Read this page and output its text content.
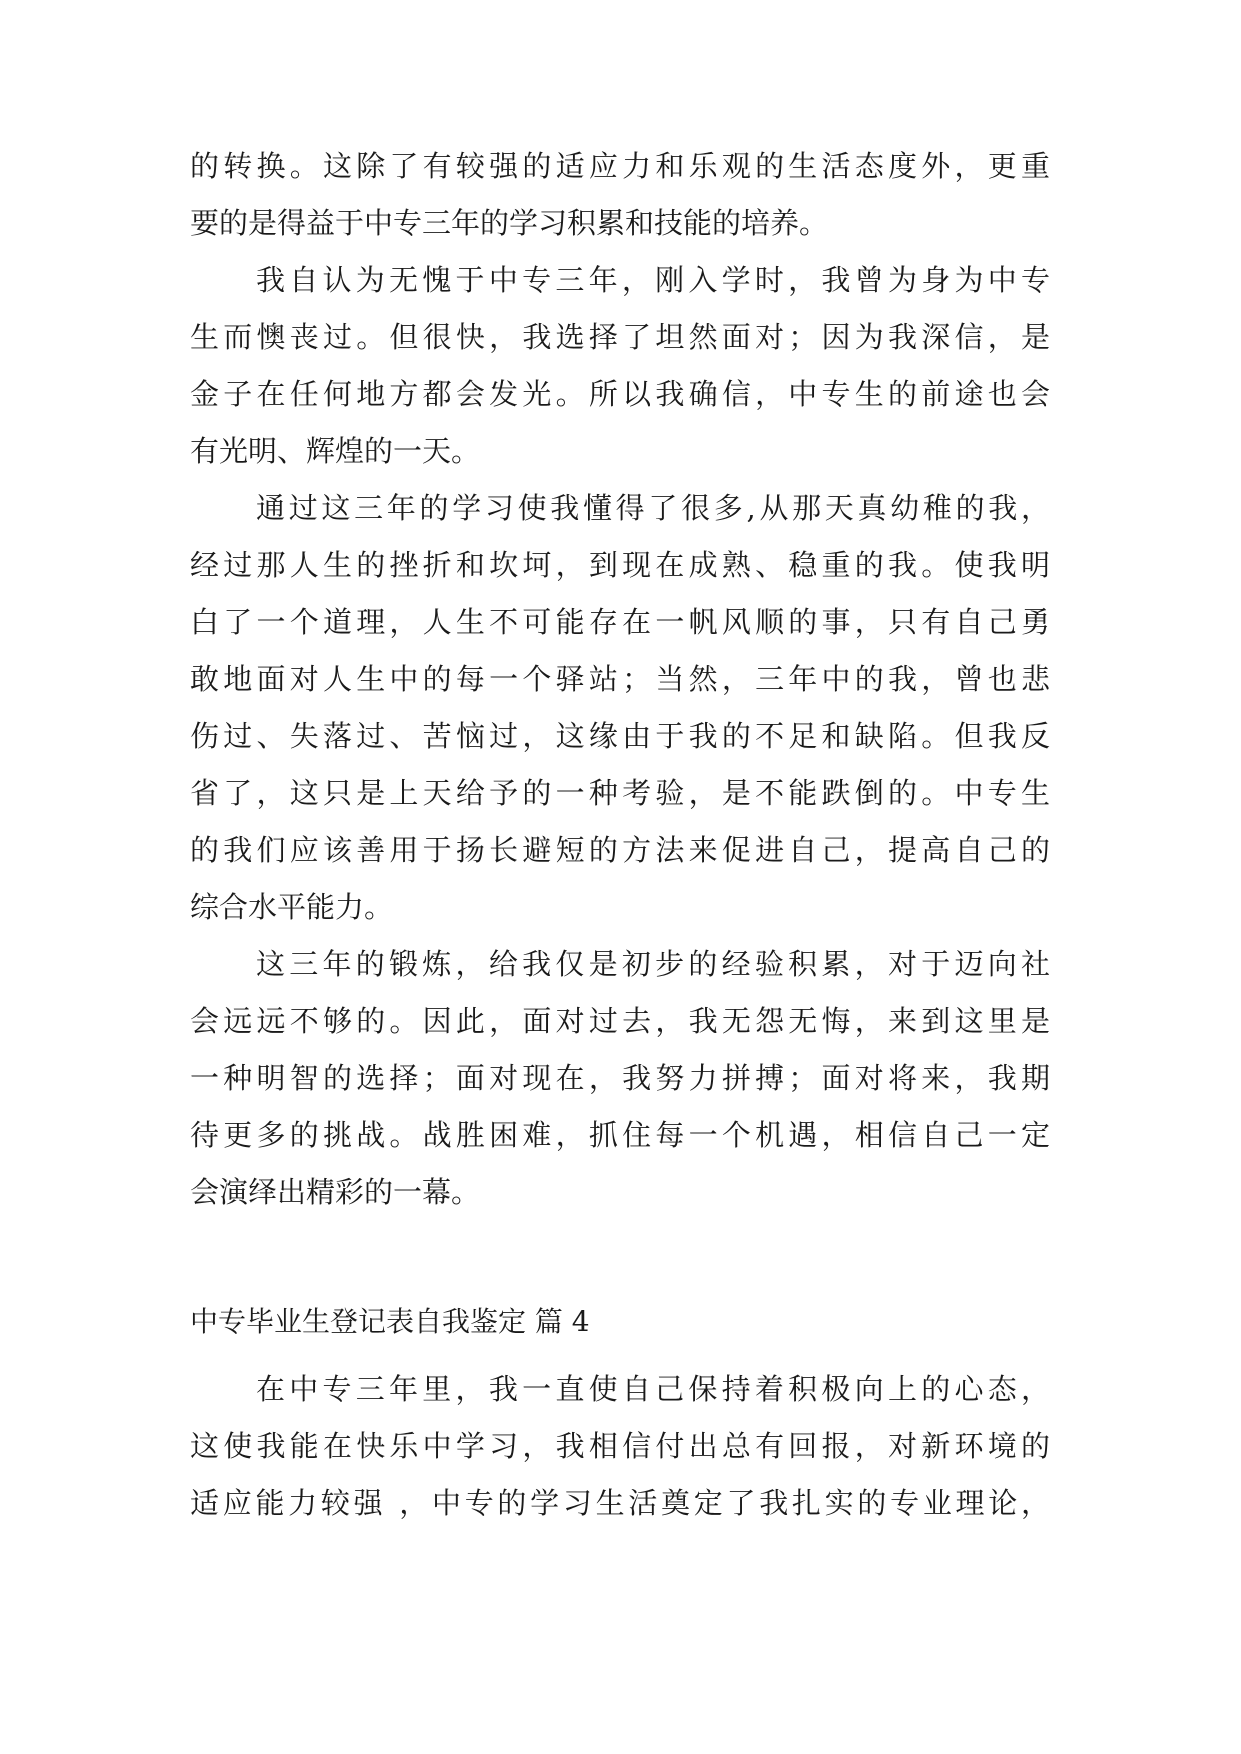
的转换。这除了有较强的适应力和乐观的生活态度外，更重
要的是得益于中专三年的学习积累和技能的培养。
我自认为无愧于中专三年，刚入学时，我曾为身为中专
生而懊丧过。但很快，我选择了坦然面对；因为我深信，是
金子在任何地方都会发光。所以我确信，中专生的前途也会
有光明、辉煌的一天。
通过这三年的学习使我懂得了很多,从那天真幼稚的我，
经过那人生的挫折和坎坷，到现在成熟、稳重的我。使我明
白了一个道理，人生不可能存在一帆风顺的事，只有自己勇
敢地面对人生中的每一个驿站；当然，三年中的我，曾也悲
伤过、失落过、苦恼过，这缘由于我的不足和缺陷。但我反
省了，这只是上天给予的一种考验，是不能跌倒的。中专生
的我们应该善用于扬长避短的方法来促进自己，提高自己的
综合水平能力。
这三年的锻炼，给我仅是初步的经验积累，对于迈向社
会远远不够的。因此，面对过去，我无怨无悔，来到这里是
一种明智的选择；面对现在，我努力拼搏；面对将来，我期
待更多的挑战。战胜困难，抓住每一个机遇，相信自己一定
会演绎出精彩的一幕。
中专毕业生登记表自我鉴定 篇 4
在中专三年里，我一直使自己保持着积极向上的心态，
这使我能在快乐中学习，我相信付出总有回报，对新环境的
适应能力较强 ，中专的学习生活奠定了我扎实的专业理论，
